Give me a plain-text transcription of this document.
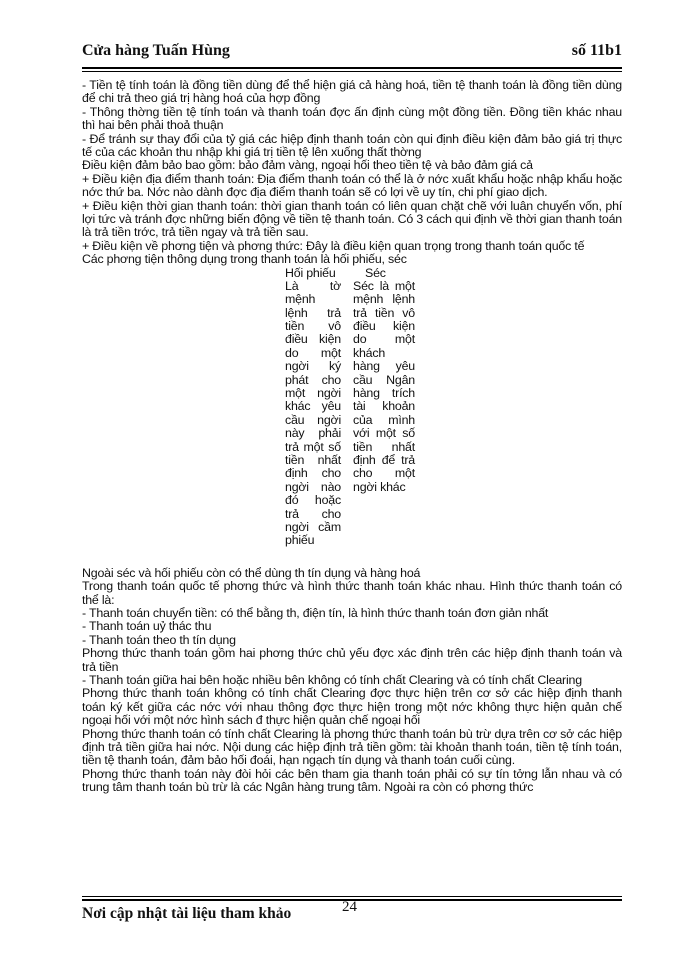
Cửa hàng Tuấn Hùng	số 11b1

- Tiền tệ tính toán là đồng tiền dùng để thể hiện giá cả hàng hoá, tiền tệ thanh toán là đồng tiền dùng để chi trả theo giá trị hàng hoá của hợp đồng

- Thông thờng tiền tệ tính toán và thanh toán đợc ấn định cùng một đồng tiền. Đồng tiền khác nhau thì hai bên phải thoả thuận

- Để tránh sự thay đổi của tỷ giá các hiệp định thanh toán còn qui định điều kiện đảm bảo giá trị thực tế của các khoản thu nhập khi giá trị tiền tệ lên xuống thất thờng

Điều kiện đảm bảo bao gồm: bảo đảm vàng, ngoại hối theo tiền tệ và bảo đảm giá cả

+ Điều kiện địa điểm thanh toán: Địa điểm thanh toán có thể là ở nớc xuất khẩu hoặc nhập khẩu hoặc nớc thứ ba. Nớc nào dành đợc địa điểm thanh toán sẽ có lợi về uy tín, chi phí giao dịch.

+ Điều kiện thời gian thanh toán: thời gian thanh toán có liên quan chặt chẽ với luân chuyển vốn, phí lợi tức và tránh đợc những biến động về tiền tệ thanh toán. Có 3 cách qui định về thời gian thanh toán là trả tiền trớc, trả tiền ngay và trả tiền sau.

+ Điều kiện về phơng tiện và phơng thức: Đây là điều kiện quan trọng trong thanh toán quốc tế

Các phơng tiện thông dụng trong thanh toán là hối phiếu, séc

Hối phiếu Séc
Là tờ mệnh lệnh trả tiền vô điều kiện do một ngời ký phát cho một ngời khác yêu cầu ngời này phải trả một số tiền nhất định cho ngời nào đó hoặc trả cho ngời cầm phiếu
Séc là một mệnh lệnh trả tiền vô điều kiện do một khách hàng yêu cầu Ngân hàng trích tài khoản của mình với một số tiền nhất định để trả cho một ngời khác

Ngoài séc và hối phiếu còn có thể dùng th tín dụng và hàng hoá

Trong thanh toán quốc tế phơng thức và hình thức thanh toán khác nhau. Hình thức thanh toán có thể là:

- Thanh toán chuyển tiền: có thể bằng th, điện tín, là hình thức thanh toán đơn giản nhất

- Thanh toán uỷ thác thu

- Thanh toán theo th tín dụng

Phơng thức thanh toán gồm hai phơng thức chủ yếu đợc xác định trên các hiệp định thanh toán và trả tiền

- Thanh toán giữa hai bên hoặc nhiều bên không có tính chất Clearing và có tính chất Clearing

Phơng thức thanh toán không có tính chất Clearing đợc thực hiện trên cơ sở các hiệp định thanh toán ký kết giữa các nớc với nhau thông đợc thực hiện trong một nớc không thực hiện quản chế ngoại hối với một nớc hình sách đ thực hiện quản chế ngoại hối

Phơng thức thanh toán có tính chất Clearing là phơng thức thanh toán bù trừ dựa trên cơ sở các hiệp định trả tiền giữa hai nớc. Nội dung các hiệp định trả tiền gồm: tài khoản thanh toán, tiền tệ tính toán, tiền tệ thanh toán, đảm bảo hối đoái, hạn ngạch tín dụng và thanh toán cuối cùng.

Phơng thức thanh toán này đòi hỏi các bên tham gia thanh toán phải có sự tín tởng lẫn nhau và có trung tâm thanh toán bù trừ là các Ngân hàng trung tâm. Ngoài ra còn có phơng thức

24
Nơi cập nhật tài liệu tham khảo
